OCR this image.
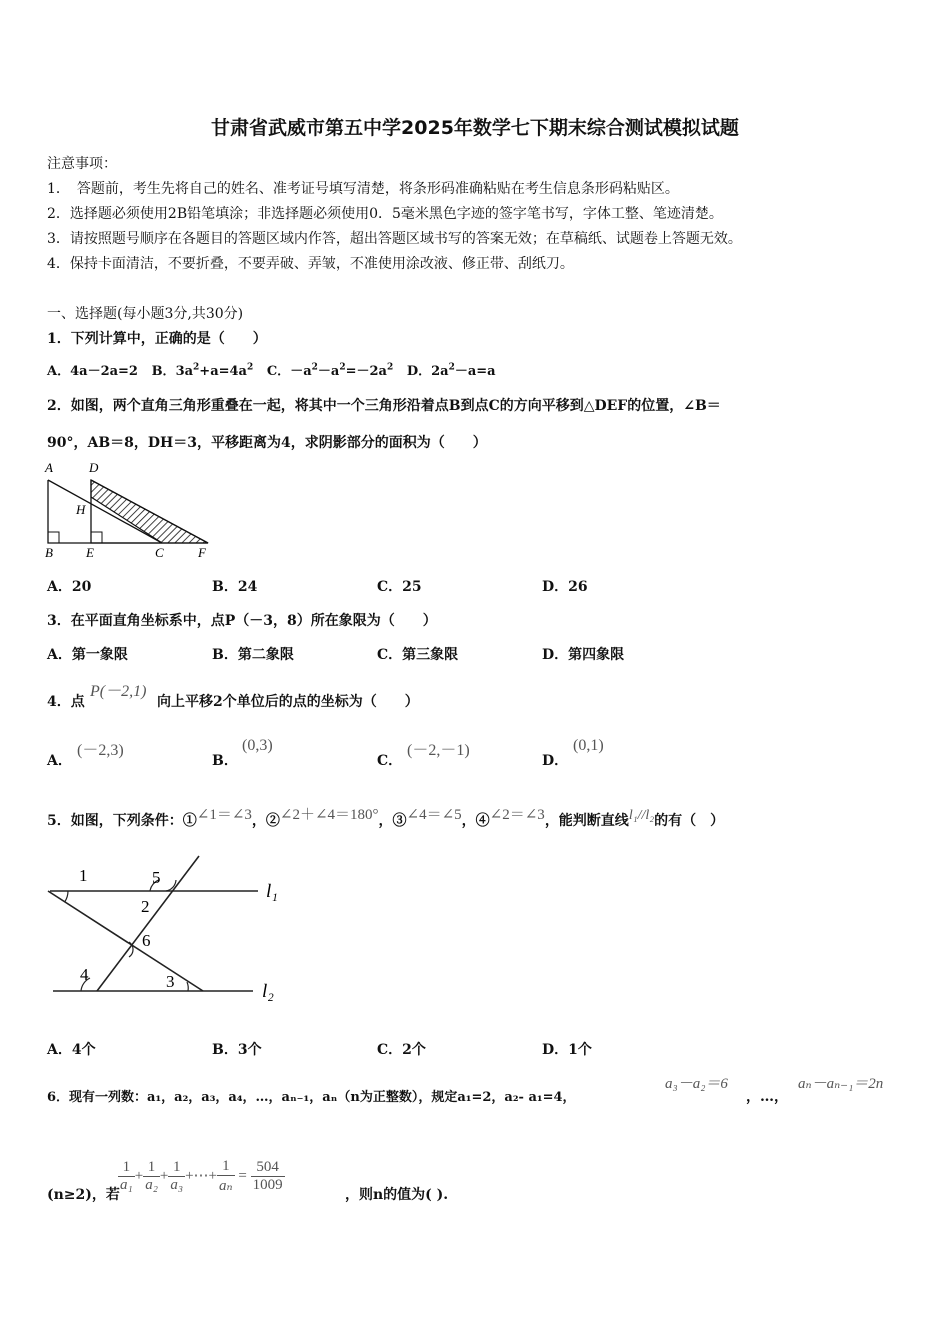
甘肃省武威市第五中学2025年数学七下期末综合测试模拟试题
注意事项：
1．　答题前，考生先将自己的姓名、准考证号填写清楚，将条形码准确粘贴在考生信息条形码粘贴区。
2．选择题必须使用2B铅笔填涂；非选择题必须使用0．5毫米黑色字迹的签字笔书写，字体工整、笔迹清楚。
3．请按照题号顺序在各题目的答题区域内作答，超出答题区域书写的答案无效；在草稿纸、试题卷上答题无效。
4．保持卡面清洁，不要折叠，不要弄破、弄皱，不准使用涂改液、修正带、刮纸刀。
一、选择题(每小题3分,共30分)
1．下列计算中，正确的是（　　）
A．4a－2a=2 B．$3a^2+a=4a^2$ C．$-a^2-a^2=-2a^2$ D．$2a^2-a=a$
2．如图，两个直角三角形重叠在一起，将其中一个三角形沿着点B到点C的方向平移到△DEF的位置，∠B＝
90°，AB＝8，DH＝3，平移距离为4，求阴影部分的面积为（　　）
A	D
H
B	E	C	F
A．20	B．24	C．25	D．26
3．在平面直角坐标系中，点P（－3，8）所在象限为（　　）
A．第一象限	B．第二象限	C．第三象限	D．第四象限
4．点
P(－2,1)
向上平移2个单位后的点的坐标为（　　）
A．
(－2,3)
B．
(0,3)
C．
(－2,－1)
D．
(0,1)
5．如图，下列条件：①∠1＝∠3，②∠2＋∠4＝180°，③∠4＝∠5，④∠2＝∠3，能判断直线l₁//l₂的有（　）
5
2
1
6
4	3
l₁
l₂
A．4个	B．3个	C．2个	D．1个
6．现有一列数：a₁，a₂，a₃，a₄，…，aₙ₋₁，aₙ（n为正整数），规定a₁=2，a₂- a₁=4，
a₃－a₂＝6
，…，
aₙ－aₙ₋₁＝2n
(n≥2)，若
$\frac{1}{\text{a₁}} + \frac{1}{\text{a₂}} + \frac{1}{\text{a₃}}$ +⋯+ $\frac{1}{\text{aₙ}} = \frac{504}{1009}$
，则n的值为( ).
